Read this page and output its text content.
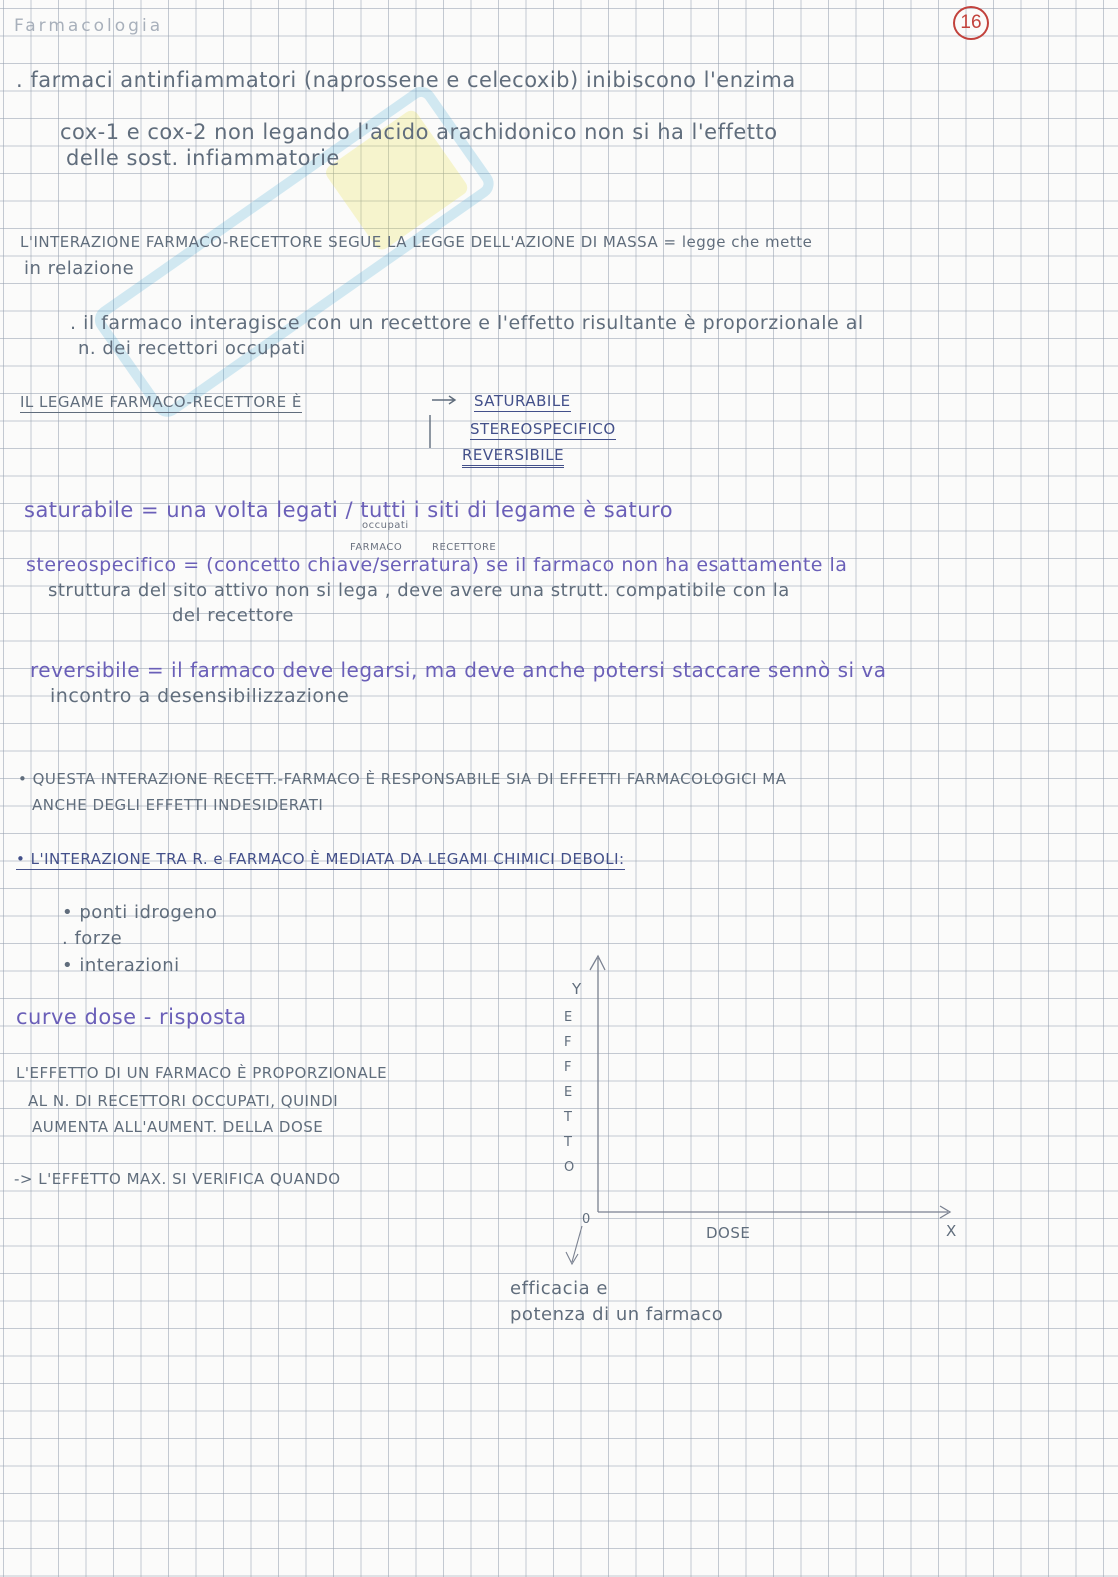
Farmacologia	16
. farmaci antinfiammatori (naprossene e celecoxib) inibiscono l'enzima
cox-1 e cox-2 non legando l'acido arachidonico non si ha l'effetto
delle sost. infiammatorie
L'INTERAZIONE FARMACO-RECETTORE SEGUE LA LEGGE DELL'AZIONE DI MASSA = legge che mette
in relazione
. il farmaco interagisce con un recettore e l'effetto risultante è proporzionale al
n. dei recettori occupati
IL LEGAME FARMACO-RECETTORE È	SATURABILE
STEREOSPECIFICO
REVERSIBILE
saturabile = una volta legati / tutti i siti di legame è saturo
occupati
FARMACO	RECETTORE
stereospecifico = (concetto chiave/serratura) se il farmaco non ha esattamente la
struttura del sito attivo non si lega , deve avere una strutt. compatibile con la
del recettore
reversibile = il farmaco deve legarsi, ma deve anche potersi staccare sennò si va
incontro a desensibilizzazione
• QUESTA INTERAZIONE RECETT.-FARMACO È RESPONSABILE SIA DI EFFETTI FARMACOLOGICI MA
ANCHE DEGLI EFFETTI INDESIDERATI
• L'INTERAZIONE TRA R. e FARMACO È MEDIATA DA LEGAMI CHIMICI DEBOLI:
• ponti idrogeno
. forze
• interazioni
curve dose - risposta
L'EFFETTO DI UN FARMACO È PROPORZIONALE
AL N. DI RECETTORI OCCUPATI, QUINDI
AUMENTA ALL'AUMENT. DELLA DOSE
-> L'EFFETTO MAX. SI VERIFICA QUANDO
Y
E
F
F
E
T
T
O
0
DOSE	X
efficacia e
potenza di un farmaco
